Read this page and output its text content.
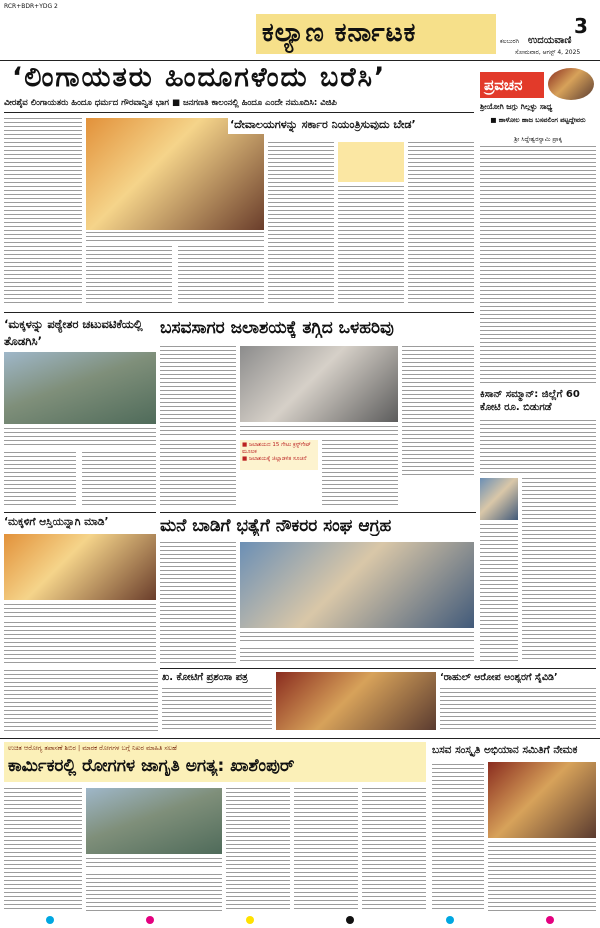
RCR+BDR+YDG 2
ಕಲ್ಯಾಣ ಕರ್ನಾಟಕ	3
ಕಲಬುರಗಿ ಉದಯವಾಣಿ
ಸೋಮವಾರ, ಆಗಸ್ಟ್ 4, 2025
‘ಲಿಂಗಾಯತರು ಹಿಂದೂಗಳೆಂದು ಬರೆಸಿ’
ವೀರಶೈವ ಲಿಂಗಾಯತರು ಹಿಂದೂ ಧರ್ಮದ ಗೌರವಾನ್ವಿತ ಭಾಗ ■ ಜನಗಣತಿ ಕಾಲಂನಲ್ಲಿ ಹಿಂದೂ ಎಂದೇ ನಮೂದಿಸಿ: ವಿಜಿಪಿ
‘ದೇವಾಲಯಗಳನ್ನು ಸರ್ಕಾರ ನಿಯಂತ್ರಿಸುವುದು ಬೇಡ’
ಪ್ರವಚನ
ಶ್ರೀಯೋಗಿ ಜಗ್ಗು ಗಿಲ್ಗಳ್ಳು ಸಾಧ್ಯ
■ ಹಾಳೋಲ ಹಾಜ ಬಸವಲಿಂಗ ಪಟ್ಟದ್ದೇವರು
ಶ್ರೀ ಸಿದ್ದೇಶ್ವರಸ್ವಾಮಿ ಪ್ರಾಕ್ಕ
ಕಿಸಾನ್ ಸಮ್ಮಾನ್: ಜಿಲ್ಲೆಗೆ 60 ಕೋಟಿ ರೂ. ಬಿಡುಗಡೆ
‘ಮಕ್ಕಳನ್ನು ಪಠ್ಯೇತರ ಚಟುವಟಿಕೆಯಲ್ಲಿ ತೊಡಗಿಸಿ’
ಬಸವಸಾಗರ ಜಲಾಶಯಕ್ಕೆ ತಗ್ಗಿದ ಒಳಹರಿವು
■ ಜಲಾಶಯದ 15 ಗೇಟು ಕ್ರಸ್ಟ್‌ಗೇಟ್ ಮೂಲಕ
■ ಜಲಾಶಯಕ್ಕೆ ಜಿಲ್ಲಾಡಳಿತ ಸೂಚನೆ
ಮನೆ ಬಾಡಿಗೆ ಭತ್ಯೆಗೆ ನೌಕರರ ಸಂಘ ಆಗ್ರಹ
‘ಮಕ್ಕಳಿಗೆ ಆಸ್ತಿಯನ್ನಾಗಿ ಮಾಡಿ’
ಖ. ಕೋಟಿಗೆ ಪ್ರಶಂಸಾ ಪತ್ರ	‘ರಾಹುಲ್ ಆರೋಪ ಅಂಶ್ಯರಗೆ ಸೈವಿಡಿ’
ಉಚಿತ ಆರೋಗ್ಯ ತಪಾಸಣೆ ಶಿಬಿರ | ಮಾರಕ ರೋಗಗಳ ಬಗ್ಗೆ ನಿಖರ ಮಾಹಿತಿ ಸಲಹೆ
ಕಾರ್ಮಿಕರಲ್ಲಿ ರೋಗಗಳ ಜಾಗೃತಿ ಅಗತ್ಯ: ಖಾಶೆಂಪುರ್
ಬಸವ ಸಂಸ್ಕೃತಿ ಅಭಿಯಾನ ಸಮಿತಿಗೆ ನೇಮಕ
